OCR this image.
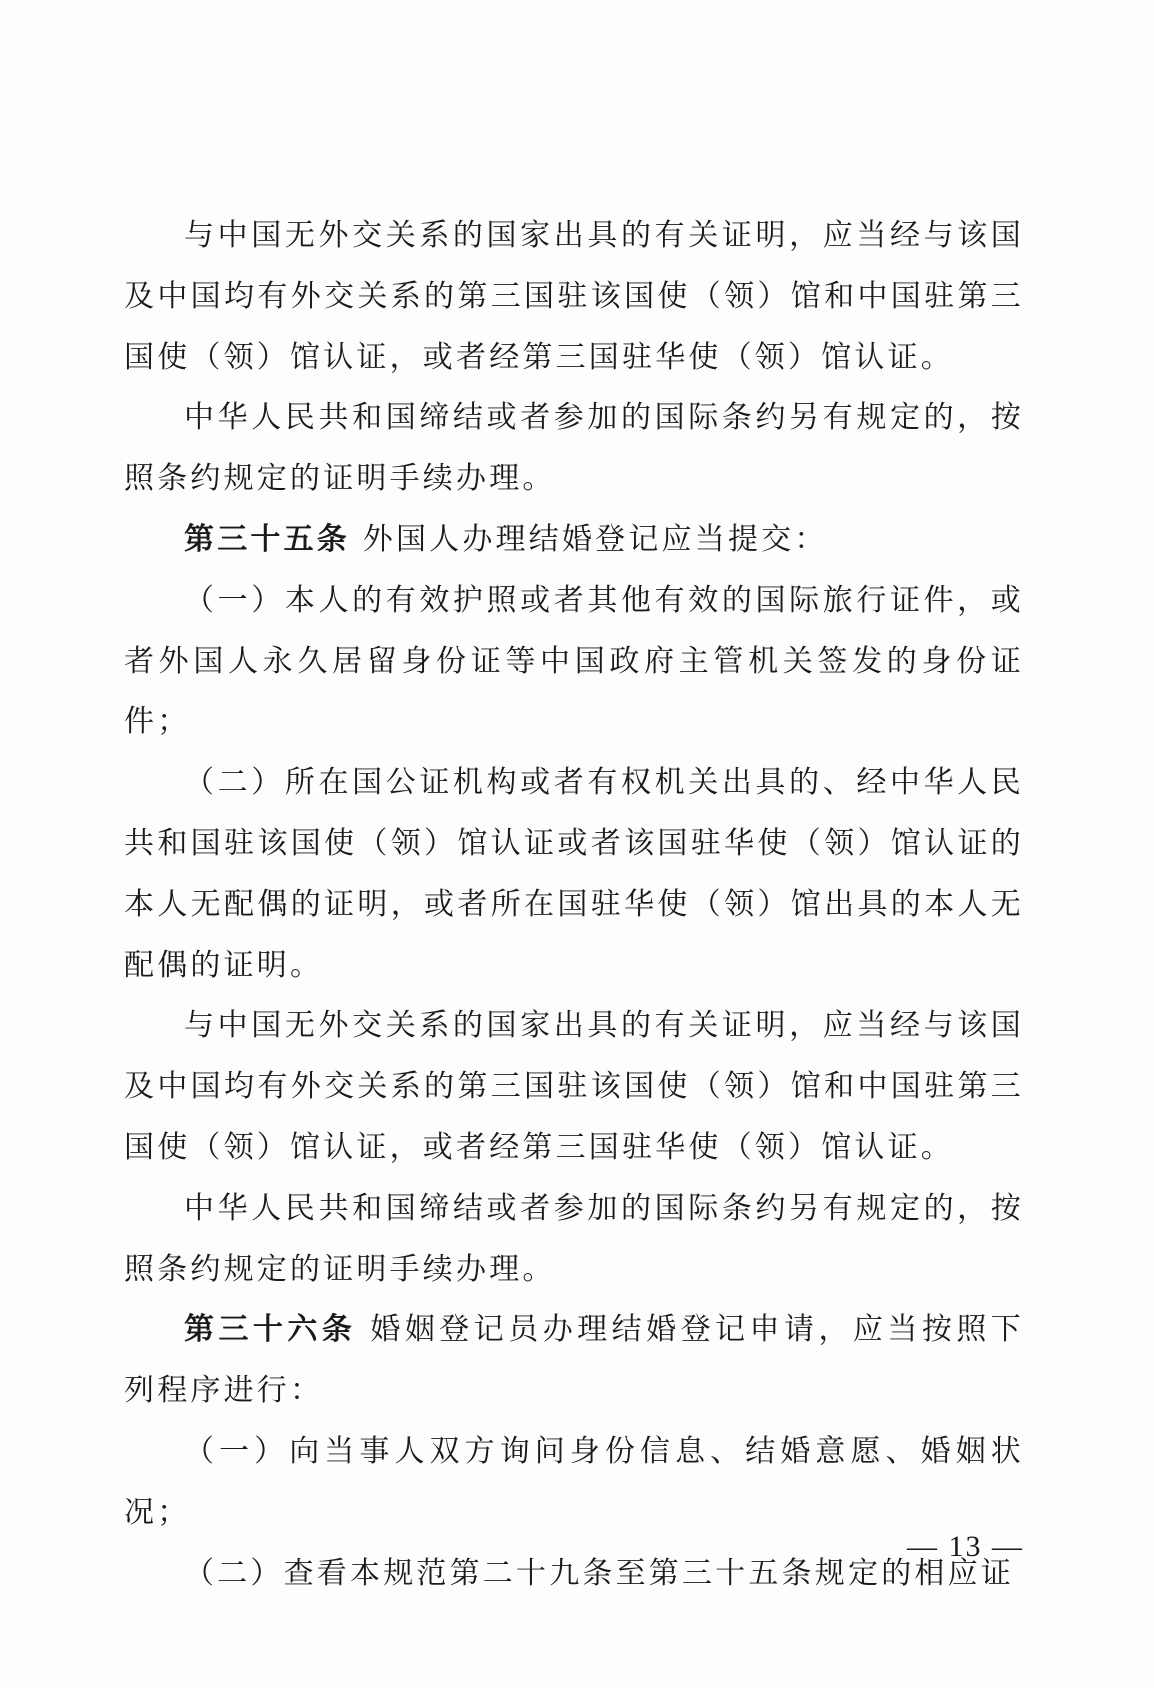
与中国无外交关系的国家出具的有关证明，应当经与该国及中国均有外交关系的第三国驻该国使（领）馆和中国驻第三国使（领）馆认证，或者经第三国驻华使（领）馆认证。

中华人民共和国缔结或者参加的国际条约另有规定的，按照条约规定的证明手续办理。

第三十五条 外国人办理结婚登记应当提交：

（一）本人的有效护照或者其他有效的国际旅行证件，或者外国人永久居留身份证等中国政府主管机关签发的身份证件；

（二）所在国公证机构或者有权机关出具的、经中华人民共和国驻该国使（领）馆认证或者该国驻华使（领）馆认证的本人无配偶的证明，或者所在国驻华使（领）馆出具的本人无配偶的证明。

与中国无外交关系的国家出具的有关证明，应当经与该国及中国均有外交关系的第三国驻该国使（领）馆和中国驻第三国使（领）馆认证，或者经第三国驻华使（领）馆认证。

中华人民共和国缔结或者参加的国际条约另有规定的，按照条约规定的证明手续办理。

第三十六条 婚姻登记员办理结婚登记申请，应当按照下列程序进行：

（一）向当事人双方询问身份信息、结婚意愿、婚姻状况；

（二）查看本规范第二十九条至第三十五条规定的相应证

— 13 —
